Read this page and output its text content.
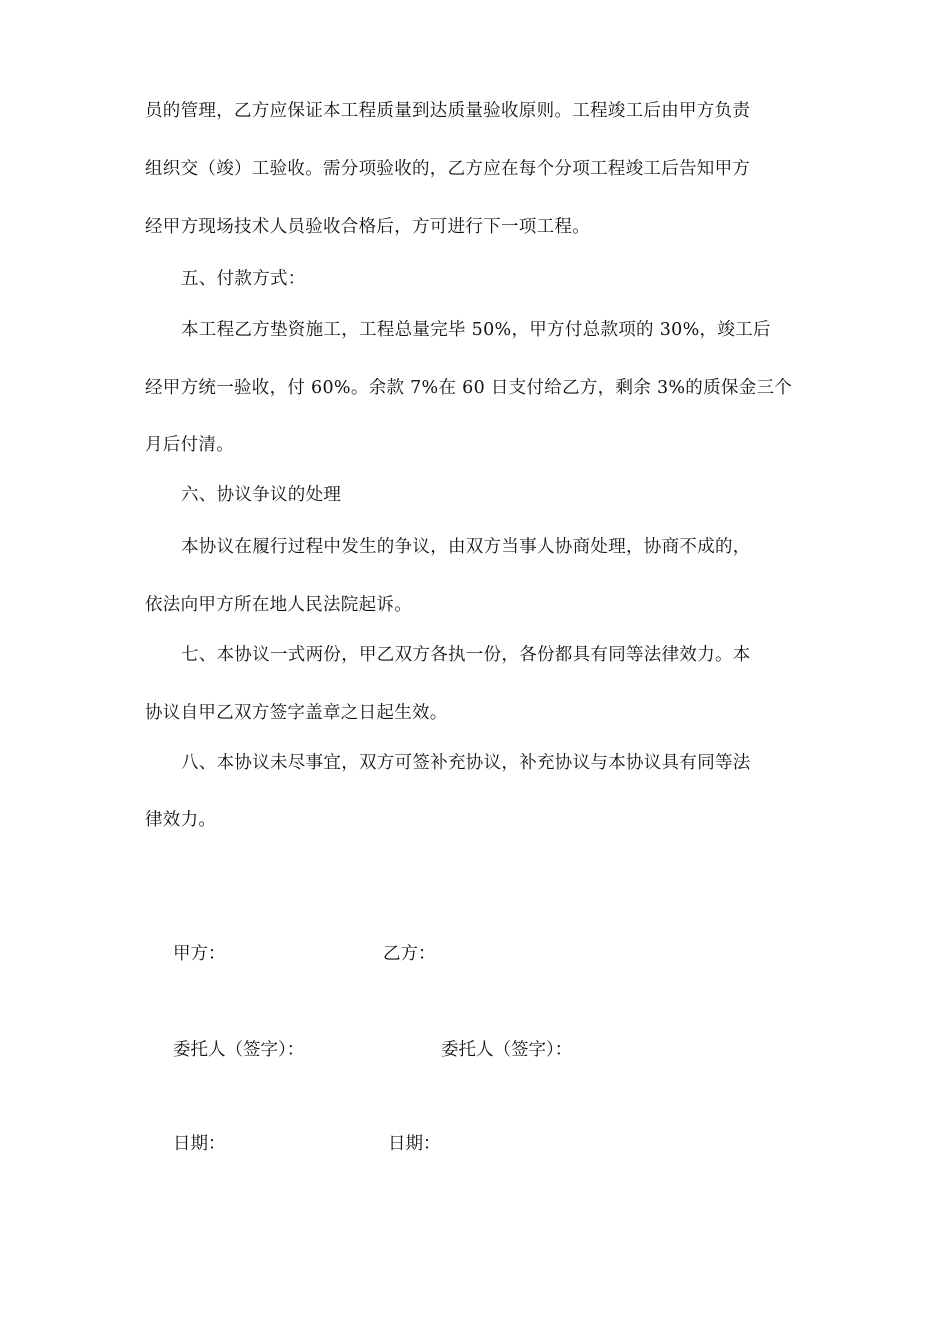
员的管理，乙方应保证本工程质量到达质量验收原则。工程竣工后由甲方负责
组织交（竣）工验收。需分项验收的，乙方应在每个分项工程竣工后告知甲方
经甲方现场技术人员验收合格后，方可进行下一项工程。
五、付款方式：
本工程乙方垫资施工，工程总量完毕 50%，甲方付总款项的 30%，竣工后
经甲方统一验收，付 60%。余款 7%在 60 日支付给乙方，剩余 3%的质保金三个
月后付清。
六、协议争议的处理
本协议在履行过程中发生的争议，由双方当事人协商处理，协商不成的，
依法向甲方所在地人民法院起诉。
七、本协议一式两份，甲乙双方各执一份，各份都具有同等法律效力。本
协议自甲乙双方签字盖章之日起生效。
八、本协议未尽事宜，双方可签补充协议，补充协议与本协议具有同等法
律效力。
甲方：	乙方：
委托人（签字）：	委托人（签字）：
日期：	日期：
